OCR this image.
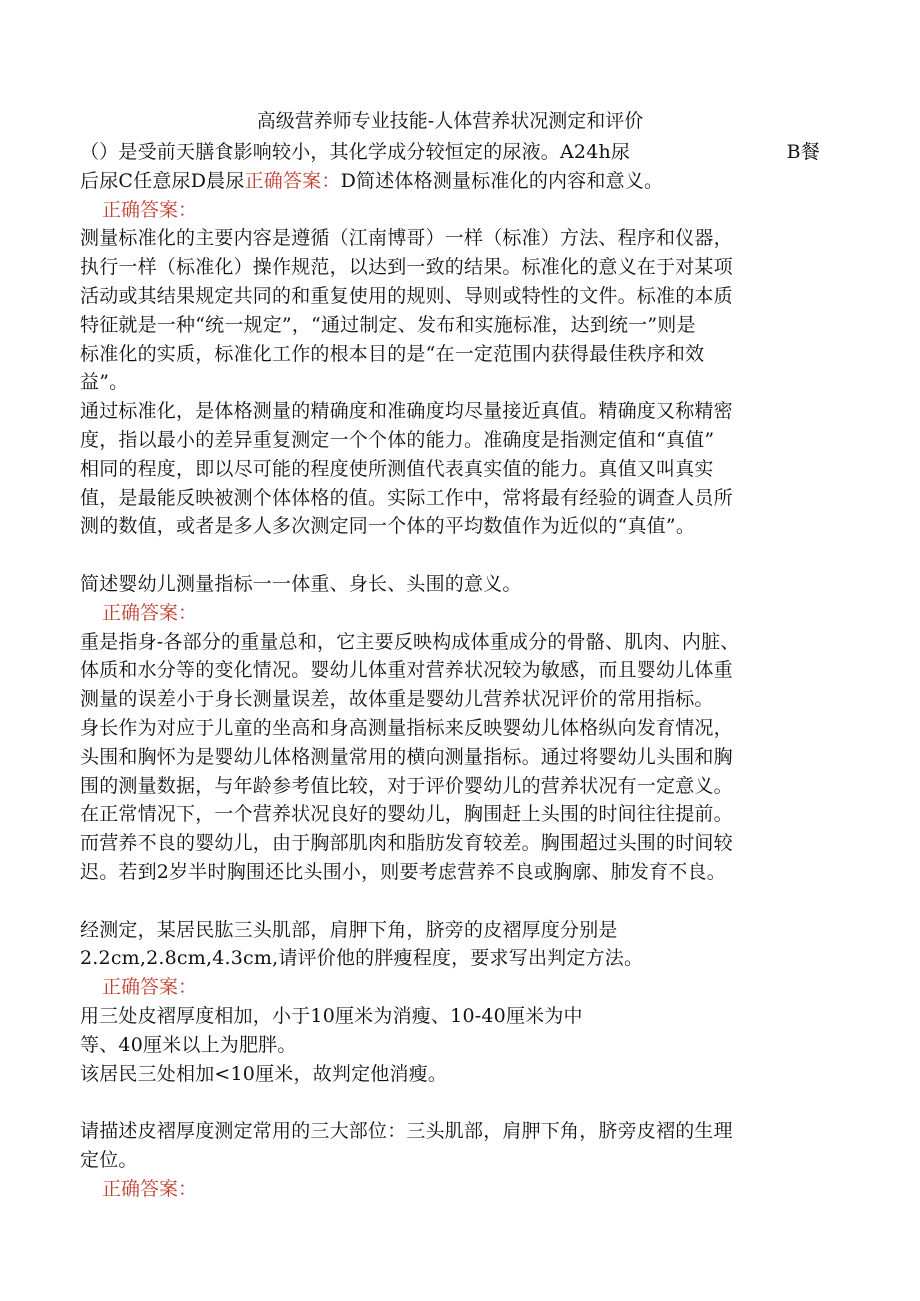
高级营养师专业技能-人体营养状况测定和评价
（）是受前天膳食影响较小，其化学成分较恒定的尿液。A24h尿	B餐
后尿C任意尿D晨尿正确答案：D简述体格测量标准化的内容和意义。
正确答案：
测量标准化的主要内容是遵循（江南博哥）一样（标准）方法、程序和仪器，
执行一样（标准化）操作规范，以达到一致的结果。标准化的意义在于对某项
活动或其结果规定共同的和重复使用的规则、导则或特性的文件。标准的本质
特征就是一种“统一规定”，“通过制定、发布和实施标准，达到统一”则是
标准化的实质，标准化工作的根本目的是“在一定范围内获得最佳秩序和效
益”。
通过标准化，是体格测量的精确度和准确度均尽量接近真值。精确度又称精密
度，指以最小的差异重复测定一个个体的能力。准确度是指测定值和“真值”
相同的程度，即以尽可能的程度使所测值代表真实值的能力。真值又叫真实
值，是最能反映被测个体体格的值。实际工作中，常将最有经验的调查人员所
测的数值，或者是多人多次测定同一个体的平均数值作为近似的“真值”。
简述婴幼儿测量指标一一体重、身长、头围的意义。
正确答案：
重是指身-各部分的重量总和，它主要反映构成体重成分的骨骼、肌肉、内脏、
体质和水分等的变化情况。婴幼儿体重对营养状况较为敏感，而且婴幼儿体重
测量的误差小于身长测量误差，故体重是婴幼儿营养状况评价的常用指标。
身长作为对应于儿童的坐高和身高测量指标来反映婴幼儿体格纵向发育情况，
头围和胸怀为是婴幼儿体格测量常用的横向测量指标。通过将婴幼儿头围和胸
围的测量数据，与年龄参考值比较，对于评价婴幼儿的营养状况有一定意义。
在正常情况下，一个营养状况良好的婴幼儿，胸围赶上头围的时间往往提前。
而营养不良的婴幼儿，由于胸部肌肉和脂肪发育较差。胸围超过头围的时间较
迟。若到2岁半时胸围还比头围小，则要考虑营养不良或胸廓、肺发育不良。
经测定，某居民肱三头肌部，肩胛下角，脐旁的皮褶厚度分别是
2.2cm,2.8cm,4.3cm,请评价他的胖瘦程度，要求写出判定方法。
正确答案：
用三处皮褶厚度相加，小于10厘米为消瘦、10-40厘米为中
等、40厘米以上为肥胖。
该居民三处相加<10厘米，故判定他消瘦。
请描述皮褶厚度测定常用的三大部位：三头肌部，肩胛下角，脐旁皮褶的生理
定位。
正确答案：
